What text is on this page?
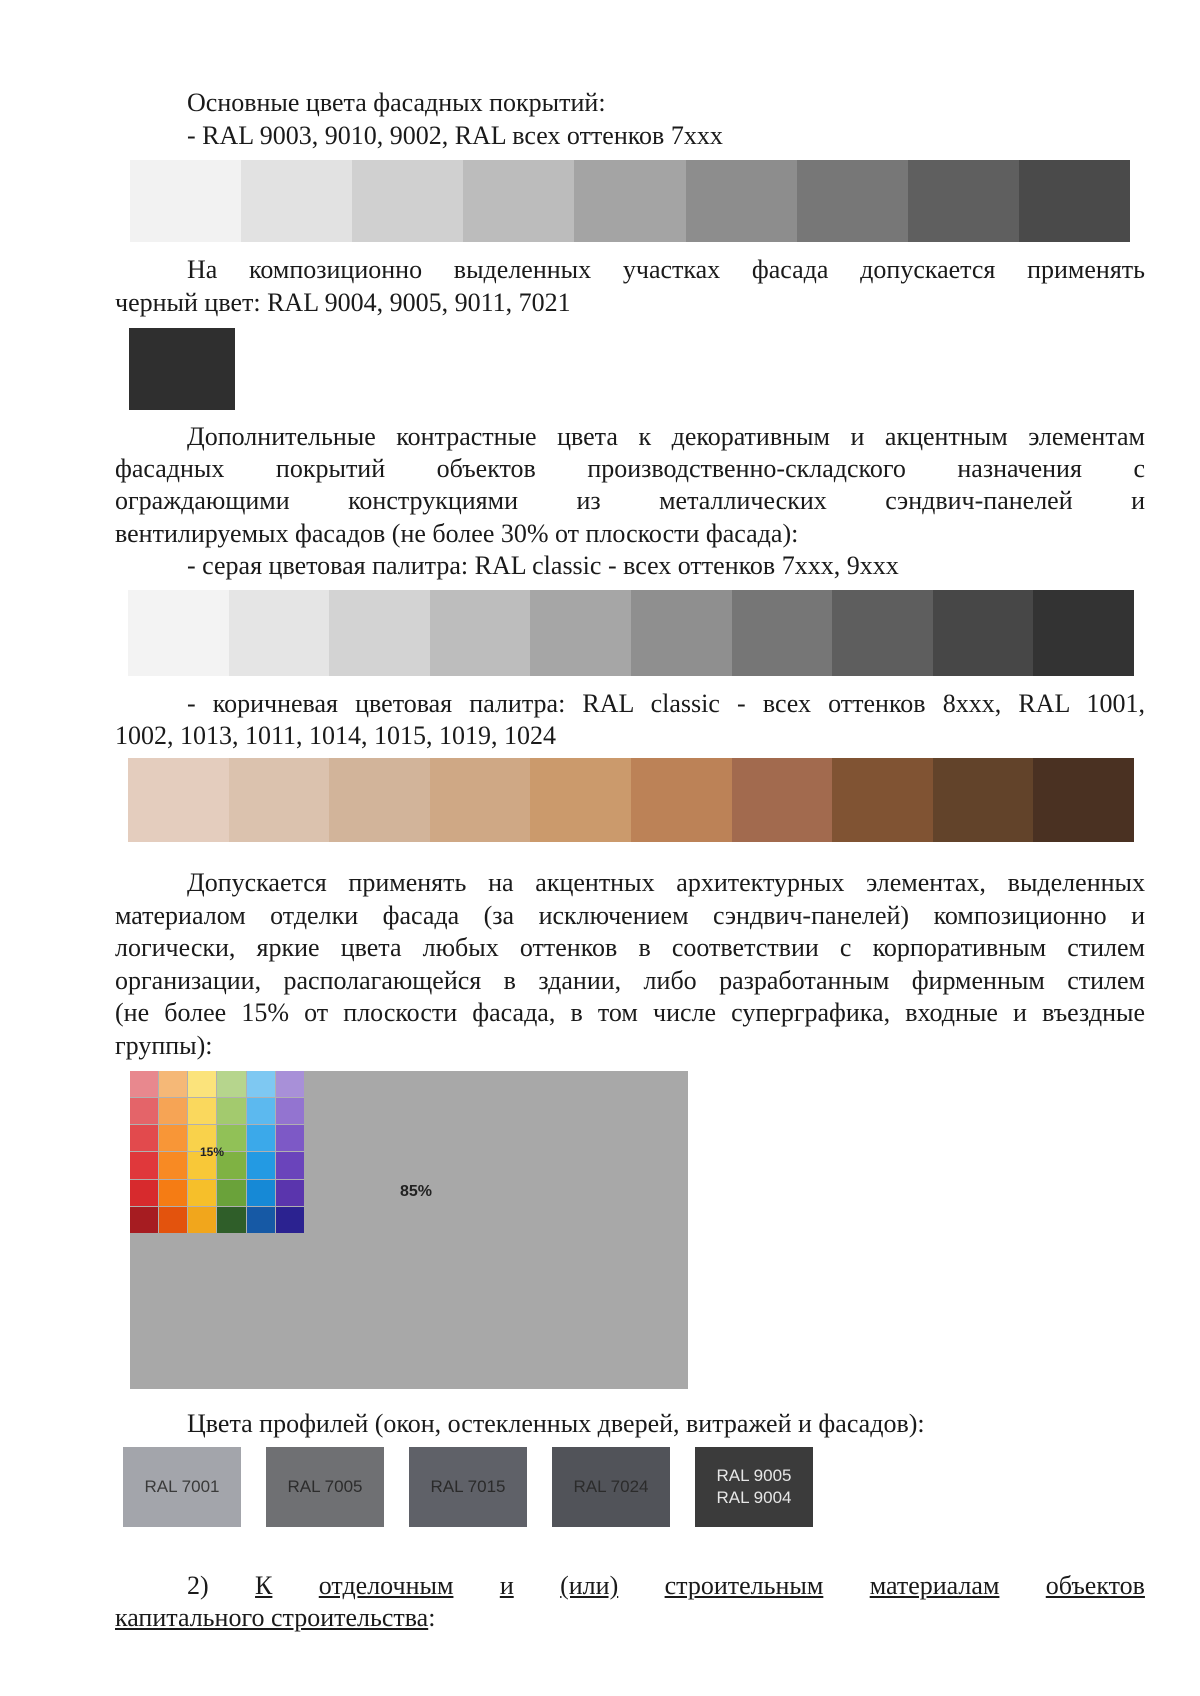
Основные цвета фасадных покрытий:
- RAL 9003, 9010, 9002, RAL всех оттенков 7xxx
На композиционно выделенных участках фасада допускается применять
черный цвет: RAL 9004, 9005, 9011, 7021
Дополнительные контрастные цвета к декоративным и акцентным элементам
фасадных покрытий объектов производственно-складского назначения с
ограждающими конструкциями из металлических сэндвич-панелей и
вентилируемых фасадов (не более 30% от плоскости фасада):
- серая цветовая палитра: RAL classic - всех оттенков 7xxx, 9xxx
- коричневая цветовая палитра: RAL classic - всех оттенков 8xxx, RAL 1001,
1002, 1013, 1011, 1014, 1015, 1019, 1024
Допускается применять на акцентных архитектурных элементах, выделенных
материалом отделки фасада (за исключением сэндвич-панелей) композиционно и
логически, яркие цвета любых оттенков в соответствии с корпоративным стилем
организации, располагающейся в здании, либо разработанным фирменным стилем
(не более 15% от плоскости фасада, в том числе суперграфика, входные и въездные
группы):
15%
85%
Цвета профилей (окон, остекленных дверей, витражей и фасадов):
RAL 7001	RAL 7005	RAL 7015	RAL 7024
RAL 9005
RAL 9004
2) К отделочным и (или) строительным материалам объектов
капитального строительства:
